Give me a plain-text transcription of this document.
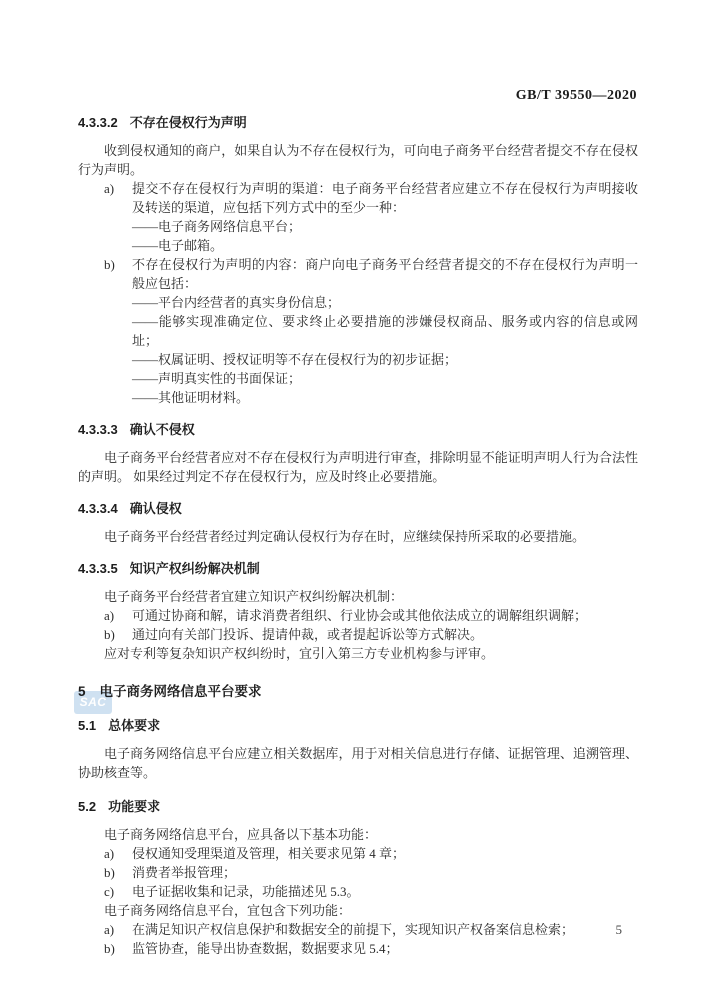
GB/T 39550—2020
4.3.3.2 不存在侵权行为声明

收到侵权通知的商户，如果自认为不存在侵权行为，可向电子商务平台经营者提交不存在侵权行为声明。

a) 提交不存在侵权行为声明的渠道：电子商务平台经营者应建立不存在侵权行为声明接收及转送的渠道，应包括下列方式中的至少一种：
——电子商务网络信息平台；
——电子邮箱。
b) 不存在侵权行为声明的内容：商户向电子商务平台经营者提交的不存在侵权行为声明一般应包括：
——平台内经营者的真实身份信息；
——能够实现准确定位、要求终止必要措施的涉嫌侵权商品、服务或内容的信息或网址；
——权属证明、授权证明等不存在侵权行为的初步证据；
——声明真实性的书面保证；
——其他证明材料。
4.3.3.3 确认不侵权

电子商务平台经营者应对不存在侵权行为声明进行审查，排除明显不能证明声明人行为合法性的声明。 如果经过判定不存在侵权行为，应及时终止必要措施。

4.3.3.4 确认侵权

电子商务平台经营者经过判定确认侵权行为存在时，应继续保持所采取的必要措施。

4.3.3.5 知识产权纠纷解决机制

电子商务平台经营者宜建立知识产权纠纷解决机制：

a) 可通过协商和解，请求消费者组织、行业协会或其他依法成立的调解组织调解；
b) 通过向有关部门投诉、提请仲裁，或者提起诉讼等方式解决。

应对专利等复杂知识产权纠纷时，宜引入第三方专业机构参与评审。

SAC
5 电子商务网络信息平台要求
5.1 总体要求

电子商务网络信息平台应建立相关数据库，用于对相关信息进行存储、证据管理、追溯管理、协助核查等。

5.2 功能要求

电子商务网络信息平台，应具备以下基本功能：

a) 侵权通知受理渠道及管理，相关要求见第 4 章；
b) 消费者举报管理；
c) 电子证据收集和记录，功能描述见 5.3。

电子商务网络信息平台，宜包含下列功能：

a) 在满足知识产权信息保护和数据安全的前提下，实现知识产权备案信息检索；
b) 监管协查，能导出协查数据，数据要求见 5.4；
5
